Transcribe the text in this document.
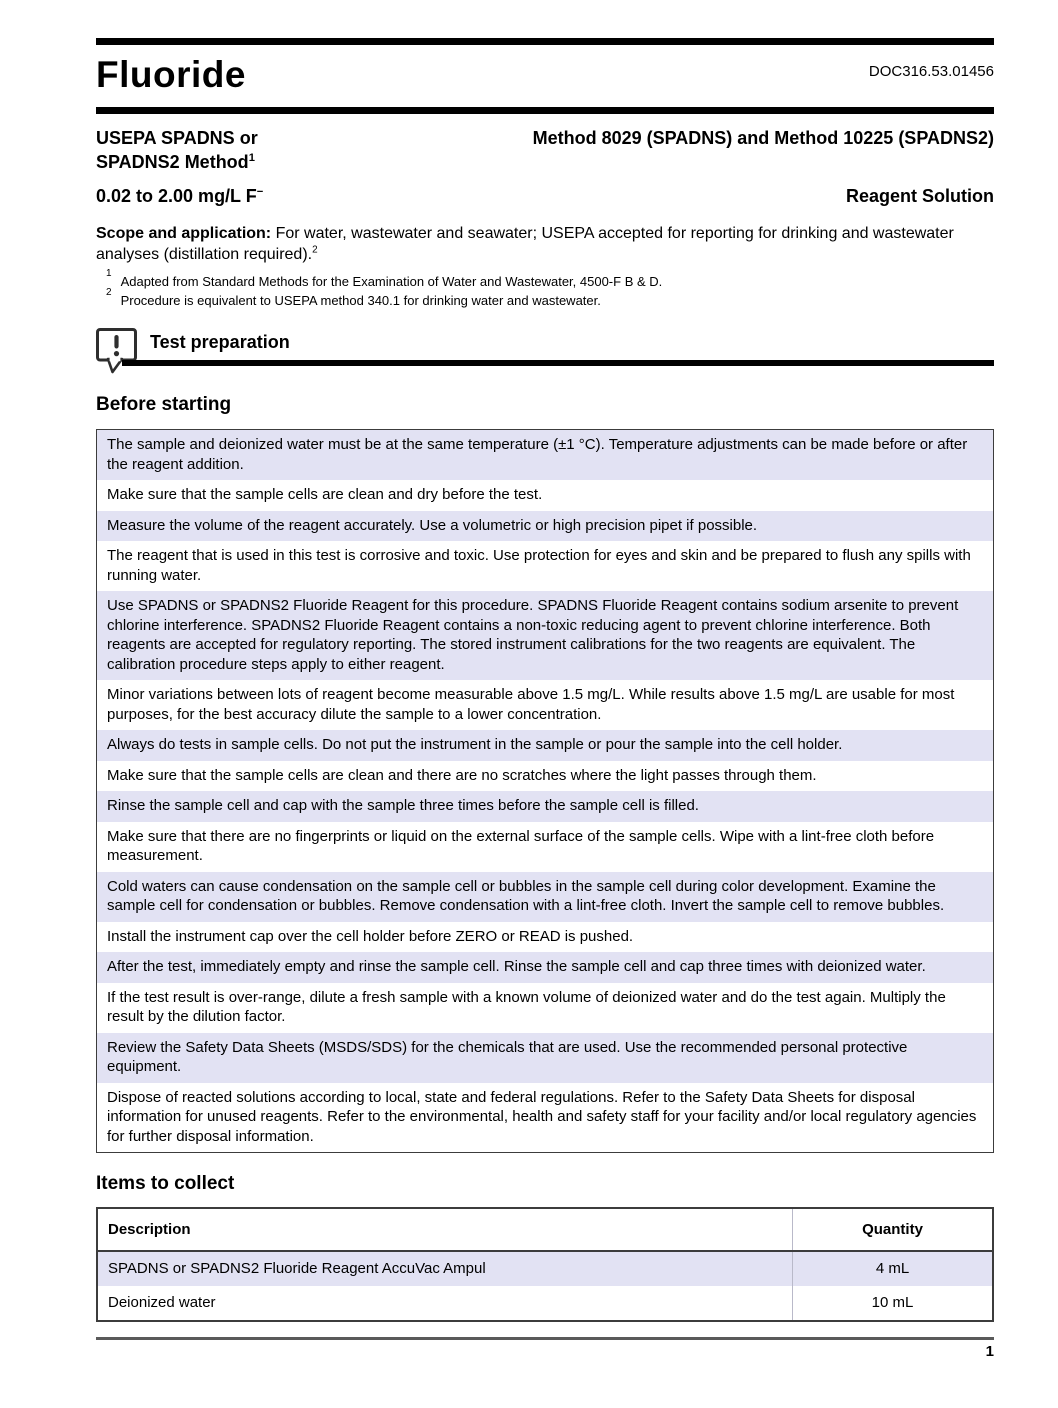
Fluoride	DOC316.53.01456
USEPA SPADNS or
SPADNS2 Method$^1$
Method 8029 (SPADNS) and Method 10225 (SPADNS2)
0.02 to 2.00 mg/L F−	Reagent Solution

Scope and application: For water, wastewater and seawater; USEPA accepted for reporting for drinking and wastewater analyses (distillation required).$^2$

1
Adapted from Standard Methods for the Examination of Water and Wastewater, 4500-F B & D.
2
Procedure is equivalent to USEPA method 340.1 for drinking water and wastewater.
Test preparation
Before starting
The sample and deionized water must be at the same temperature (±1 °C). Temperature adjustments can be made before or after the reagent addition.
Make sure that the sample cells are clean and dry before the test.
Measure the volume of the reagent accurately. Use a volumetric or high precision pipet if possible.
The reagent that is used in this test is corrosive and toxic. Use protection for eyes and skin and be prepared to flush any spills with running water.
Use SPADNS or SPADNS2 Fluoride Reagent for this procedure. SPADNS Fluoride Reagent contains sodium arsenite to prevent chlorine interference. SPADNS2 Fluoride Reagent contains a non-toxic reducing agent to prevent chlorine interference. Both reagents are accepted for regulatory reporting. The stored instrument calibrations for the two reagents are equivalent. The calibration procedure steps apply to either reagent.
Minor variations between lots of reagent become measurable above 1.5 mg/L. While results above 1.5 mg/L are usable for most purposes, for the best accuracy dilute the sample to a lower concentration.
Always do tests in sample cells. Do not put the instrument in the sample or pour the sample into the cell holder.
Make sure that the sample cells are clean and there are no scratches where the light passes through them.
Rinse the sample cell and cap with the sample three times before the sample cell is filled.
Make sure that there are no fingerprints or liquid on the external surface of the sample cells. Wipe with a lint-free cloth before measurement.
Cold waters can cause condensation on the sample cell or bubbles in the sample cell during color development. Examine the sample cell for condensation or bubbles. Remove condensation with a lint-free cloth. Invert the sample cell to remove bubbles.
Install the instrument cap over the cell holder before ZERO or READ is pushed.
After the test, immediately empty and rinse the sample cell. Rinse the sample cell and cap three times with deionized water.
If the test result is over-range, dilute a fresh sample with a known volume of deionized water and do the test again. Multiply the result by the dilution factor.
Review the Safety Data Sheets (MSDS/SDS) for the chemicals that are used. Use the recommended personal protective equipment.
Dispose of reacted solutions according to local, state and federal regulations. Refer to the Safety Data Sheets for disposal information for unused reagents. Refer to the environmental, health and safety staff for your facility and/or local regulatory agencies for further disposal information.
Items to collect
Description	Quantity
SPADNS or SPADNS2 Fluoride Reagent AccuVac Ampul	4 mL
Deionized water	10 mL
1
